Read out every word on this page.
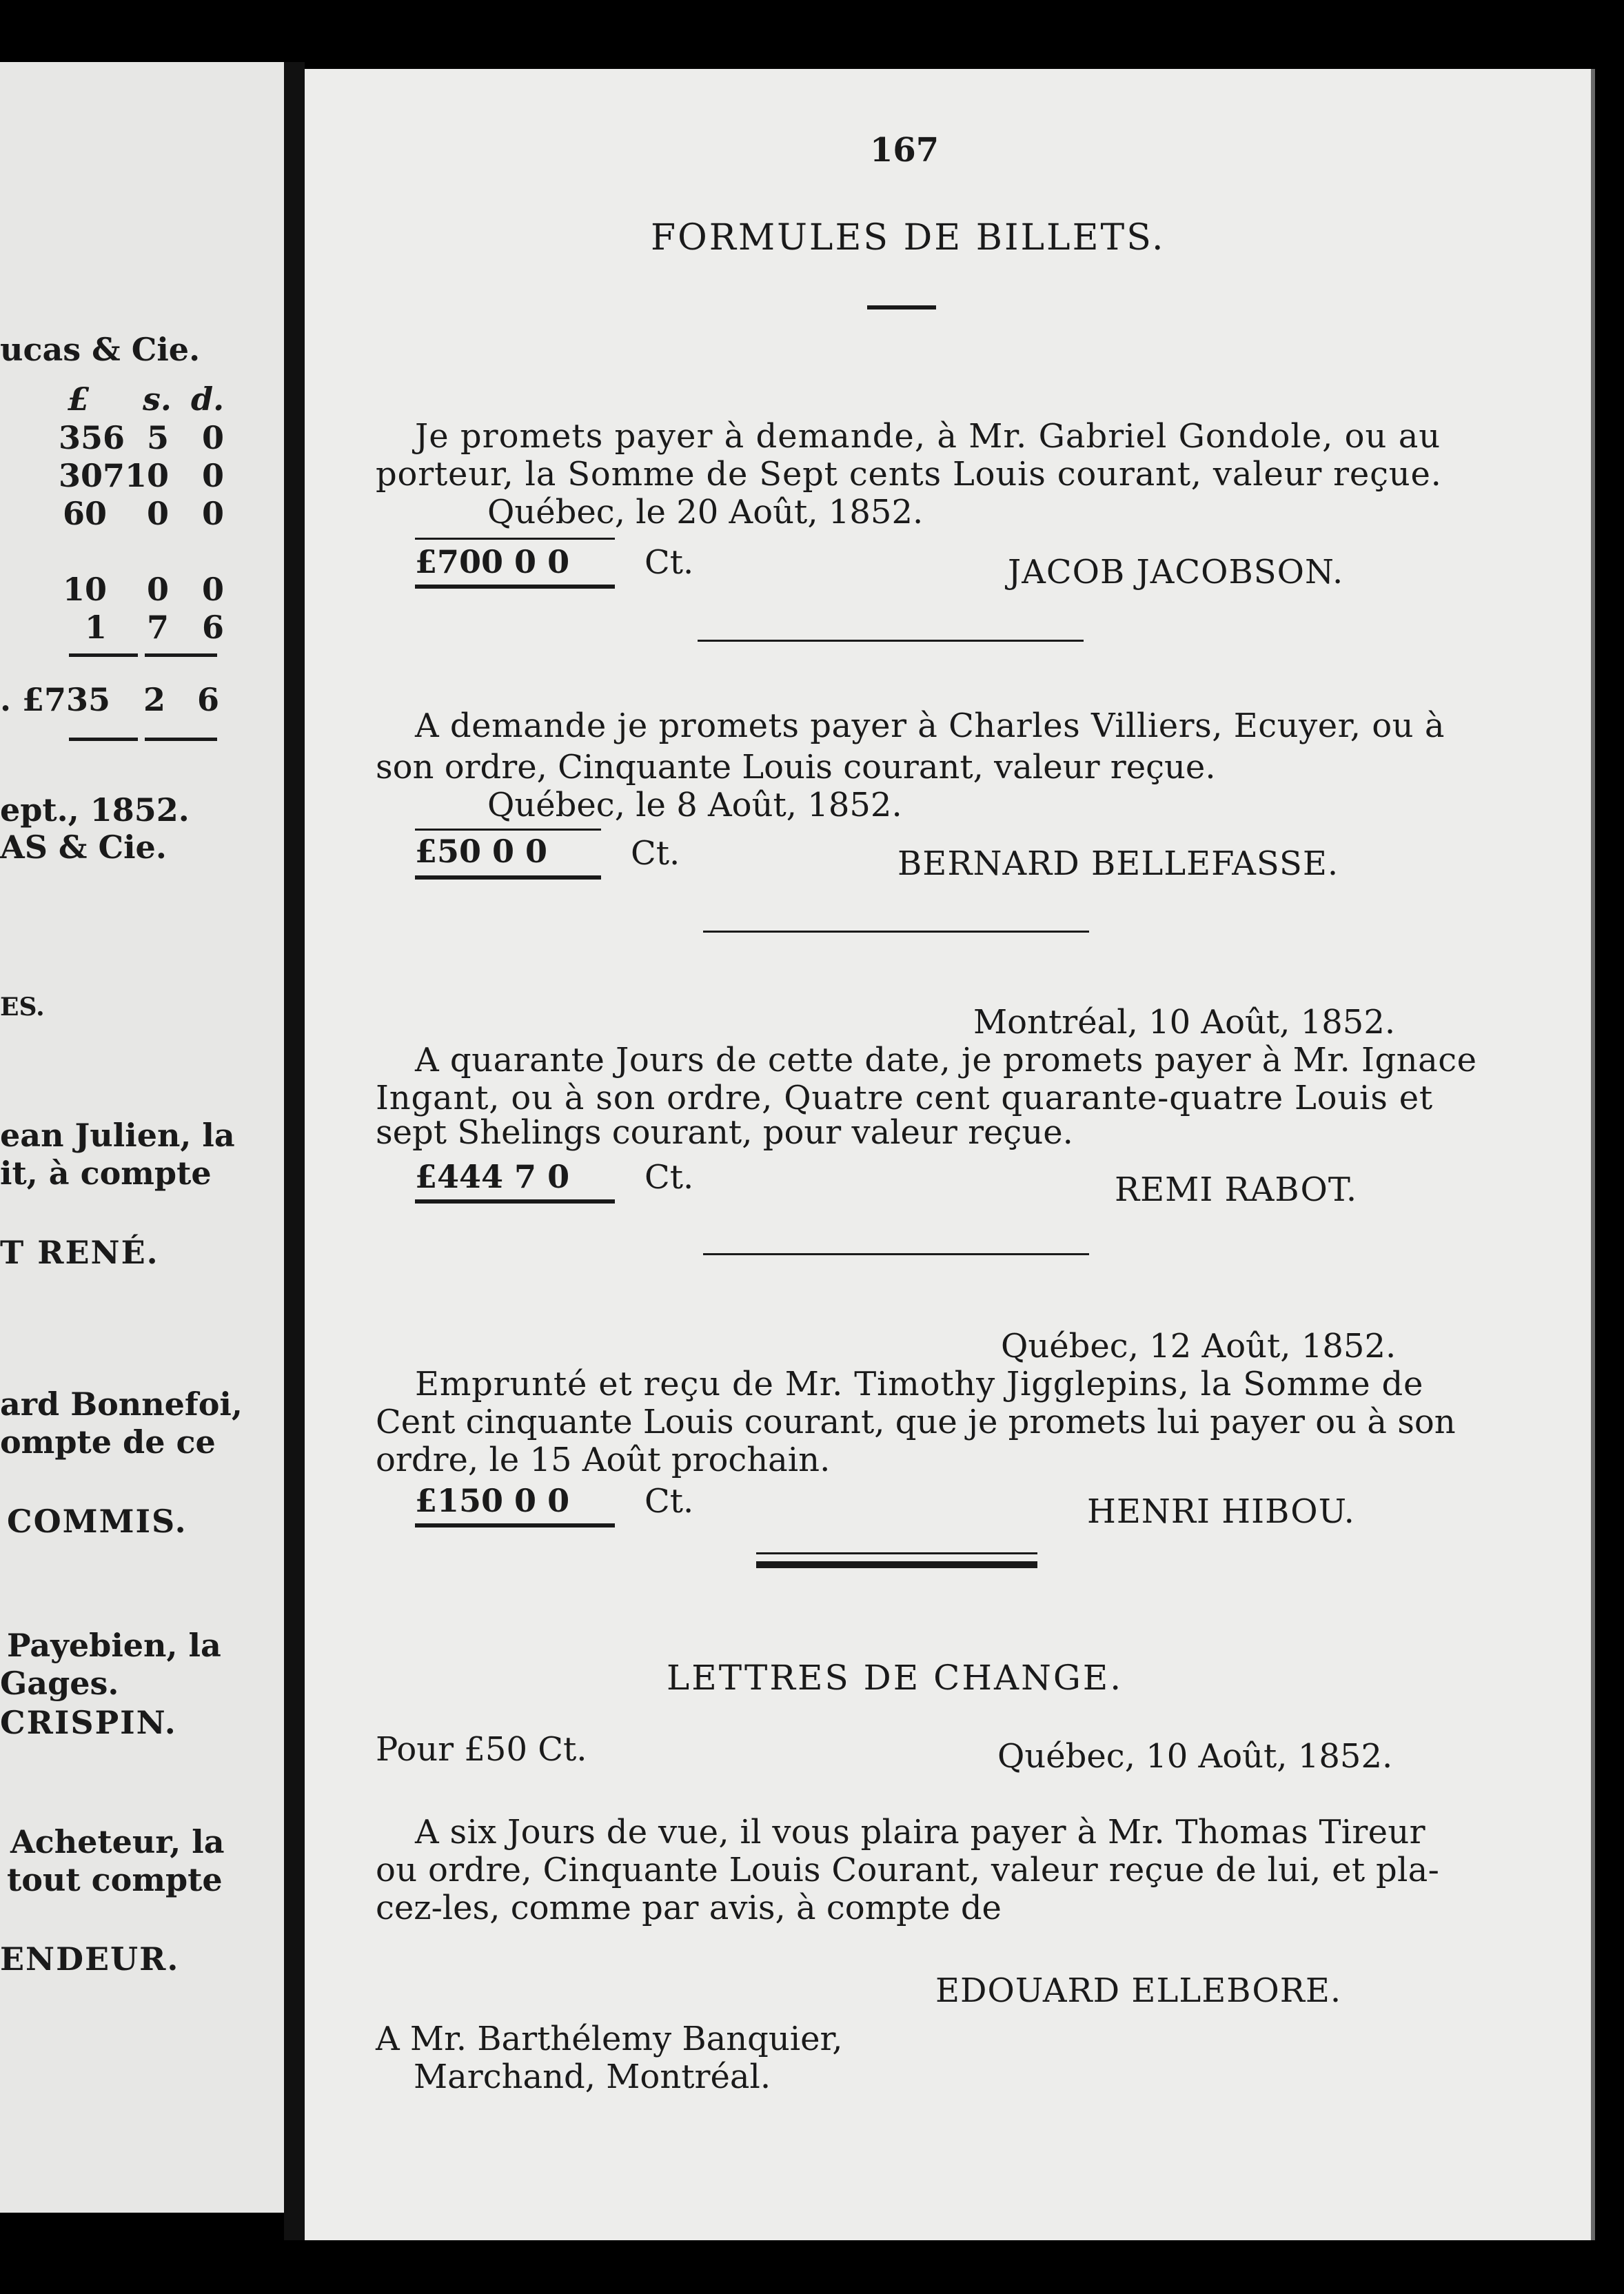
ucas & Cie.
£ s. d.
356 5	0
307 10	0
60	0	0
10	0	0
1	7	6
. £735 2 6
ept., 1852.
AS & Cie.
ES.
ean Julien, la
it, à compte
T RENÉ.
ard Bonnefoi,
ompte de ce
COMMIS.
Payebien, la
Gages.
CRISPIN.
Acheteur, la
tout compte
ENDEUR.
167
FORMULES DE BILLETS.
Je promets payer à demande, à Mr. Gabriel Gondole, ou au
porteur, la Somme de Sept cents Louis courant, valeur reçue.
Québec, le 20 Août, 1852.
£700 0 0 Ct.	JACOB JACOBSON.
A demande je promets payer à Charles Villiers, Ecuyer, ou à
son ordre, Cinquante Louis courant, valeur reçue.
Québec, le 8 Août, 1852.
£50 0 0	Ct.	BERNARD BELLEFASSE.
Montréal, 10 Août, 1852.
A quarante Jours de cette date, je promets payer à Mr. Ignace
Ingant, ou à son ordre, Quatre cent quarante-quatre Louis et
sept Shelings courant, pour valeur reçue.
£444 7 0 Ct.	REMI RABOT.
Québec, 12 Août, 1852.
Emprunté et reçu de Mr. Timothy Jigglepins, la Somme de
Cent cinquante Louis courant, que je promets lui payer ou à son
ordre, le 15 Août prochain.
£150 0 0 Ct.	HENRI HIBOU.
LETTRES DE CHANGE.
Pour £50 Ct.	Québec, 10 Août, 1852.
A six Jours de vue, il vous plaira payer à Mr. Thomas Tireur
ou ordre, Cinquante Louis Courant, valeur reçue de lui, et pla-
cez-les, comme par avis, à compte de
EDOUARD ELLEBORE.
A Mr. Barthélemy Banquier,
Marchand, Montréal.
